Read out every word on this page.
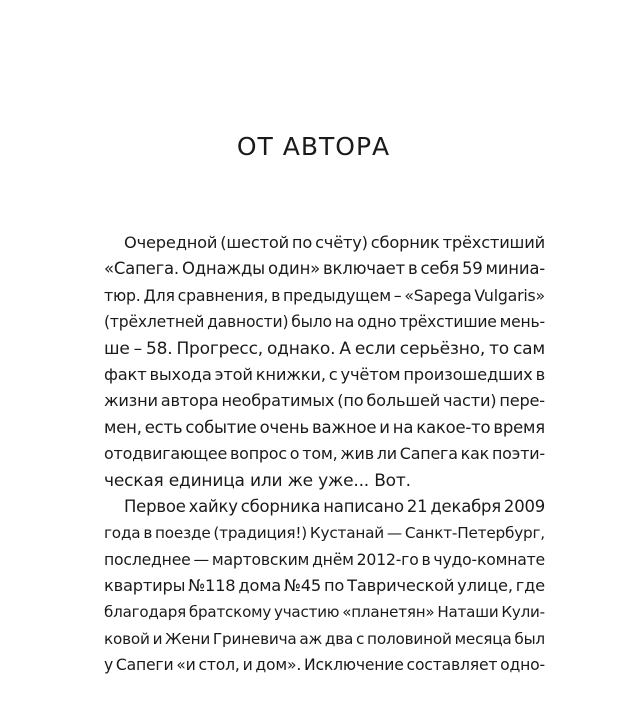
ОТ АВТОРА
Очередной (шестой по счёту) сборник трёхстиший
«Сапега. Однажды один» включает в себя 59 миниа-
тюр. Для сравнения, в предыдущем – «Sapega Vulgaris»
(трёхлетней давности) было на одно трёхстишие мень-
ше – 58. Прогресс, однако. А если серьёзно, то сам
факт выхода этой книжки, с учётом произошедших в
жизни автора необратимых (по большей части) пере-
мен, есть событие очень важное и на какое-то время
отодвигающее вопрос о том, жив ли Сапега как поэти-
ческая единица или же уже... Вот.
Первое хайку сборника написано 21 декабря 2009
года в поезде (традиция!) Кустанай — Санкт-Петербург,
последнее — мартовским днём 2012-го в чудо-комнате
квартиры №118 дома №45 по Таврической улице, где
благодаря братскому участию «планетян» Наташи Кули-
ковой и Жени Гриневича аж два с половиной месяца был
у Сапеги «и стол, и дом». Исключение составляет одно-
